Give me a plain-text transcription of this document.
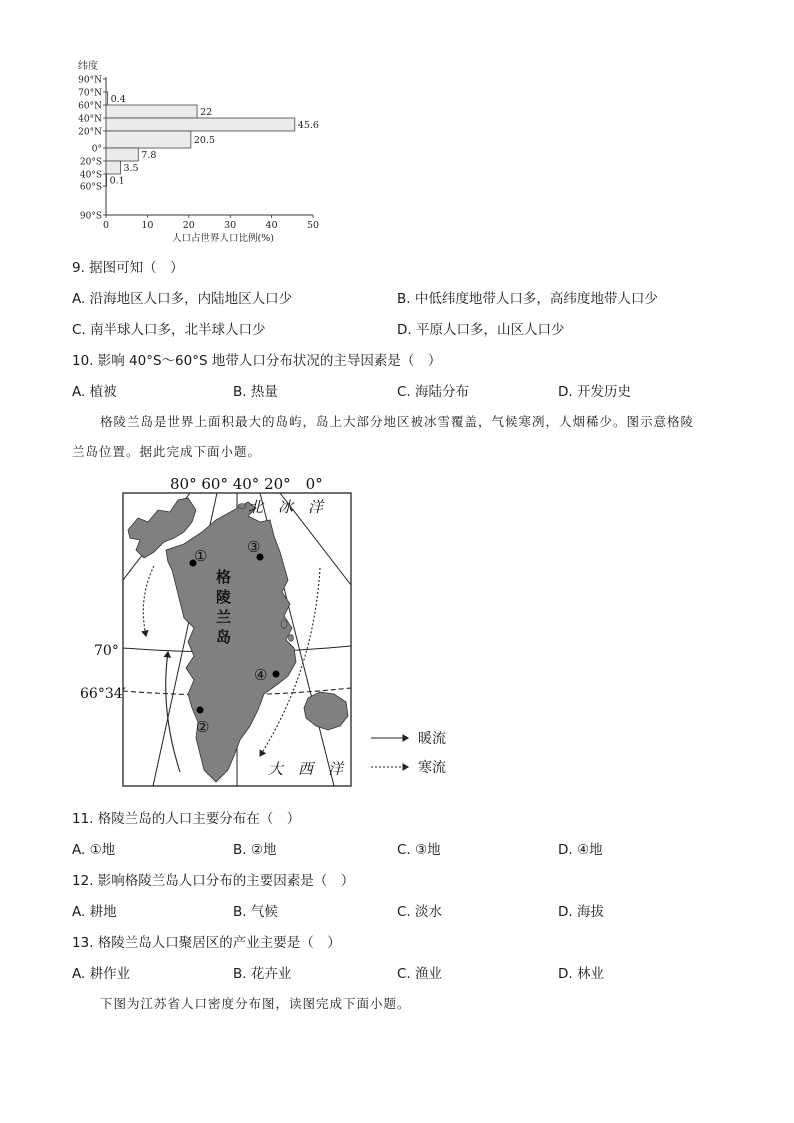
纬度
90°N
70°N
60°N
40°N
20°N
0°
20°S
40°S
60°S
90°S
0	10	20	30	40	50
0.4
22
45.6
20.5
7.8
3.5
0.1
人口占世界人口比例(%)
9. 据图可知（　）
A. 沿海地区人口多，内陆地区人口少	B. 中低纬度地带人口多，高纬度地带人口少
C. 南半球人口多，北半球人口少	D. 平原人口多，山区人口少
10. 影响 40°S～60°S 地带人口分布状况的主导因素是（　）
A. 植被	B. 热量	C. 海陆分布	D. 开发历史
格陵兰岛是世界上面积最大的岛屿，岛上大部分地区被冰雪覆盖，气候寒冽，人烟稀少。图示意格陵
兰岛位置。据此完成下面小题。
80° 60° 40° 20°　0°
北　冰　洋
大　西　洋
格
陵
兰
岛
70°
66°34′
①
②
③
④
暖流
寒流
11. 格陵兰岛的人口主要分布在（　）
A. ①地	B. ②地	C. ③地	D. ④地
12. 影响格陵兰岛人口分布的主要因素是（　）
A. 耕地	B. 气候	C. 淡水	D. 海拔
13. 格陵兰岛人口聚居区的产业主要是（　）
A. 耕作业	B. 花卉业	C. 渔业	D. 林业
下图为江苏省人口密度分布图，读图完成下面小题。
